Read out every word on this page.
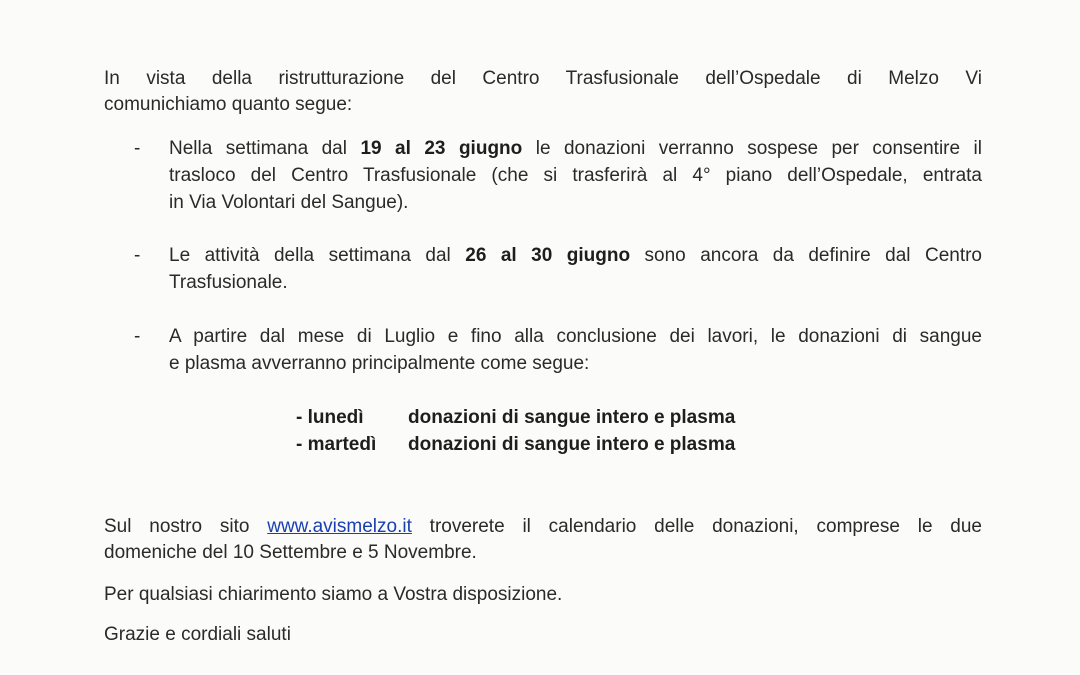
In vista della ristrutturazione del Centro Trasfusionale dell’Ospedale di Melzo Vi
comunichiamo quanto segue:
- Nella settimana dal 19 al 23 giugno le donazioni verranno sospese per consentire il
trasloco del Centro Trasfusionale (che si trasferirà al 4° piano dell’Ospedale, entrata
in Via Volontari del Sangue).
- Le attività della settimana dal 26 al 30 giugno sono ancora da definire dal Centro
Trasfusionale.
- A partire dal mese di Luglio e fino alla conclusione dei lavori, le donazioni di sangue
e plasma avverranno principalmente come segue:
- lunedì donazioni di sangue intero e plasma
- martedì donazioni di sangue intero e plasma
Sul nostro sito www.avismelzo.it troverete il calendario delle donazioni, comprese le due
domeniche del 10 Settembre e 5 Novembre.
Per qualsiasi chiarimento siamo a Vostra disposizione.
Grazie e cordiali saluti
